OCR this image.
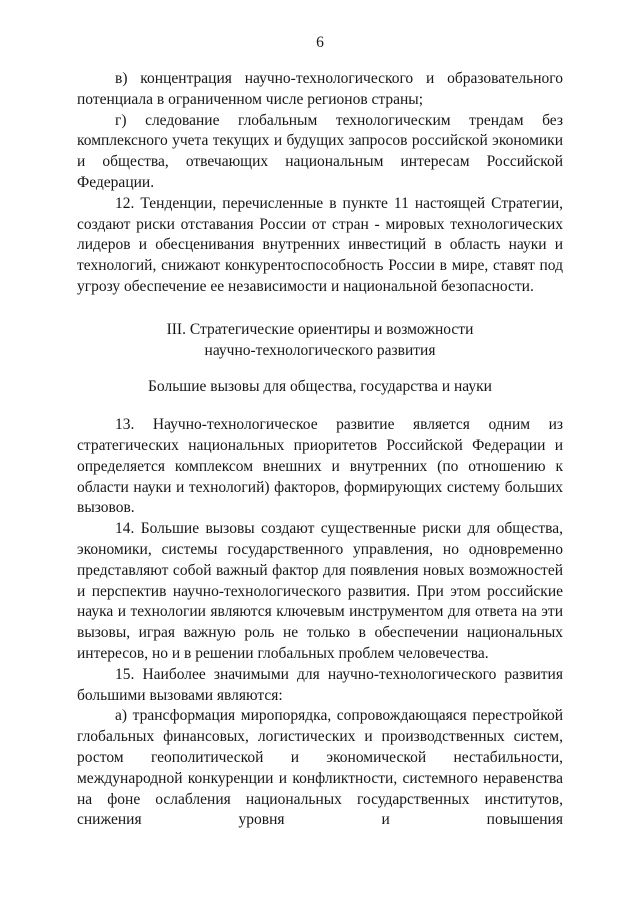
6

в) концентрация научно-технологического и образовательного потенциала в ограниченном числе регионов страны;

г) следование глобальным технологическим трендам без комплексного учета текущих и будущих запросов российской экономики и общества, отвечающих национальным интересам Российской Федерации.

12. Тенденции, перечисленные в пункте 11 настоящей Стратегии, создают риски отставания России от стран - мировых технологических лидеров и обесценивания внутренних инвестиций в область науки и технологий, снижают конкурентоспособность России в мире, ставят под угрозу обеспечение ее независимости и национальной безопасности.

III. Стратегические ориентиры и возможности

научно-технологического развития

Большие вызовы для общества, государства и науки

13. Научно-технологическое развитие является одним из стратегических национальных приоритетов Российской Федерации и определяется комплексом внешних и внутренних (по отношению к области науки и технологий) факторов, формирующих систему больших вызовов.

14. Большие вызовы создают существенные риски для общества, экономики, системы государственного управления, но одновременно представляют собой важный фактор для появления новых возможностей и перспектив научно-технологического развития. При этом российские наука и технологии являются ключевым инструментом для ответа на эти вызовы, играя важную роль не только в обеспечении национальных интересов, но и в решении глобальных проблем человечества.

15. Наиболее значимыми для научно-технологического развития большими вызовами являются:

а) трансформация миропорядка, сопровождающаяся перестройкой глобальных финансовых, логистических и производственных систем, ростом геополитической и экономической нестабильности, международной конкуренции и конфликтности, системного неравенства на фоне ослабления национальных государственных институтов, снижения уровня и повышения
